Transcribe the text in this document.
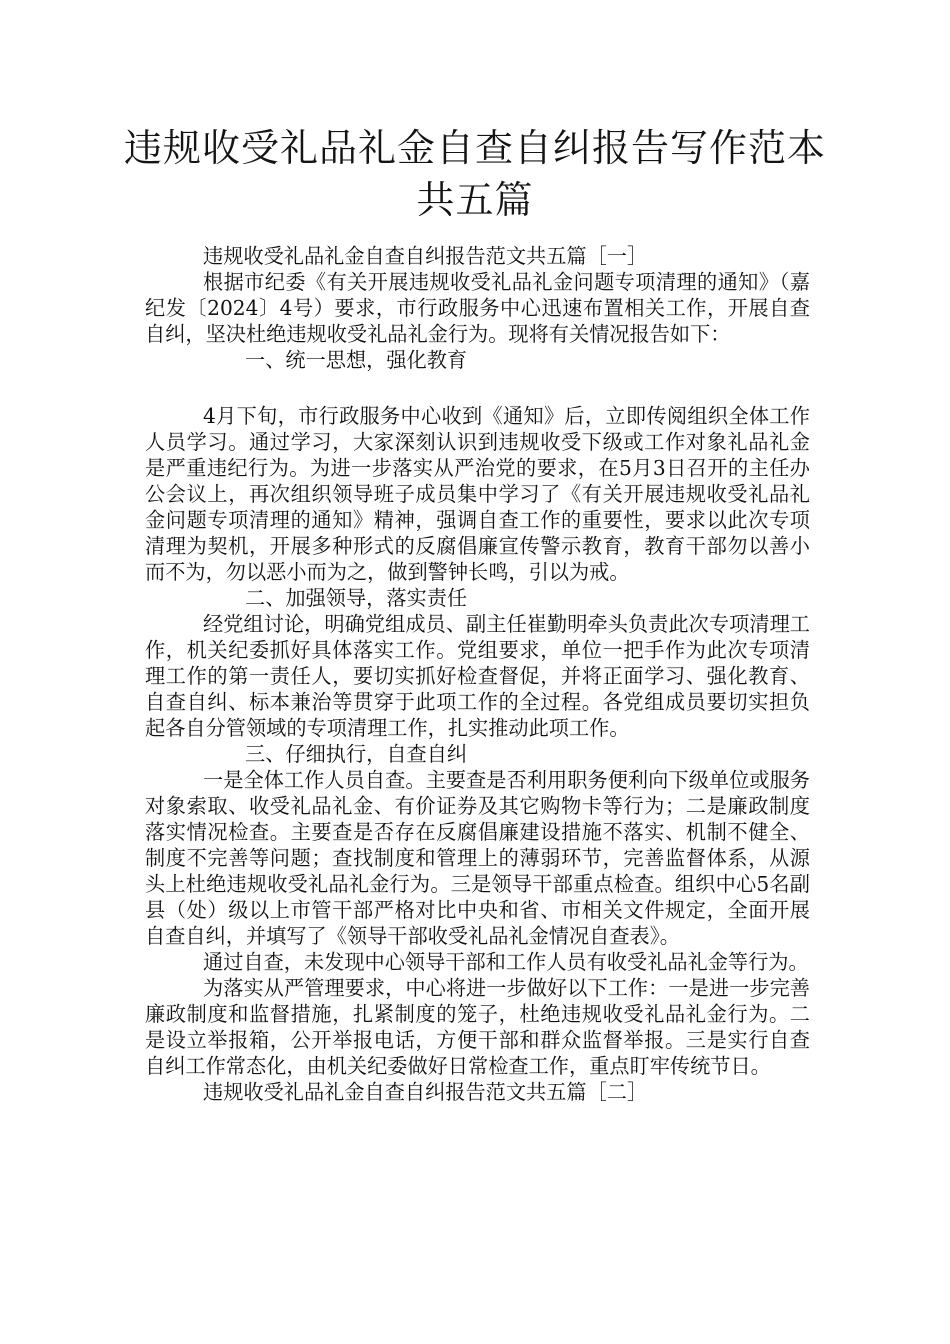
违规收受礼品礼金自查自纠报告写作范本
共五篇

违规收受礼品礼金自查自纠报告范文共五篇［一］

根据市纪委《有关开展违规收受礼品礼金问题专项清理的通知》（嘉纪发〔2024〕4号）要求，市行政服务中心迅速布置相关工作，开展自查自纠，坚决杜绝违规收受礼品礼金行为。现将有关情况报告如下：

一、统一思想，强化教育

4月下旬，市行政服务中心收到《通知》后，立即传阅组织全体工作人员学习。通过学习，大家深刻认识到违规收受下级或工作对象礼品礼金是严重违纪行为。为进一步落实从严治党的要求，在5月3日召开的主任办公会议上，再次组织领导班子成员集中学习了《有关开展违规收受礼品礼金问题专项清理的通知》精神，强调自查工作的重要性，要求以此次专项清理为契机，开展多种形式的反腐倡廉宣传警示教育，教育干部勿以善小而不为，勿以恶小而为之，做到警钟长鸣，引以为戒。

二、加强领导，落实责任

经党组讨论，明确党组成员、副主任崔勤明牵头负责此次专项清理工作，机关纪委抓好具体落实工作。党组要求，单位一把手作为此次专项清理工作的第一责任人，要切实抓好检查督促，并将正面学习、强化教育、自查自纠、标本兼治等贯穿于此项工作的全过程。各党组成员要切实担负起各自分管领域的专项清理工作，扎实推动此项工作。

三、仔细执行，自查自纠

一是全体工作人员自查。主要查是否利用职务便利向下级单位或服务对象索取、收受礼品礼金、有价证券及其它购物卡等行为；二是廉政制度落实情况检查。主要查是否存在反腐倡廉建设措施不落实、机制不健全、制度不完善等问题；查找制度和管理上的薄弱环节，完善监督体系，从源头上杜绝违规收受礼品礼金行为。三是领导干部重点检查。组织中心5名副县（处）级以上市管干部严格对比中央和省、市相关文件规定，全面开展自查自纠，并填写了《领导干部收受礼品礼金情况自查表》。

通过自查，未发现中心领导干部和工作人员有收受礼品礼金等行为。

为落实从严管理要求，中心将进一步做好以下工作：一是进一步完善廉政制度和监督措施，扎紧制度的笼子，杜绝违规收受礼品礼金行为。二是设立举报箱，公开举报电话，方便干部和群众监督举报。三是实行自查自纠工作常态化，由机关纪委做好日常检查工作，重点盯牢传统节日。

违规收受礼品礼金自查自纠报告范文共五篇［二］
